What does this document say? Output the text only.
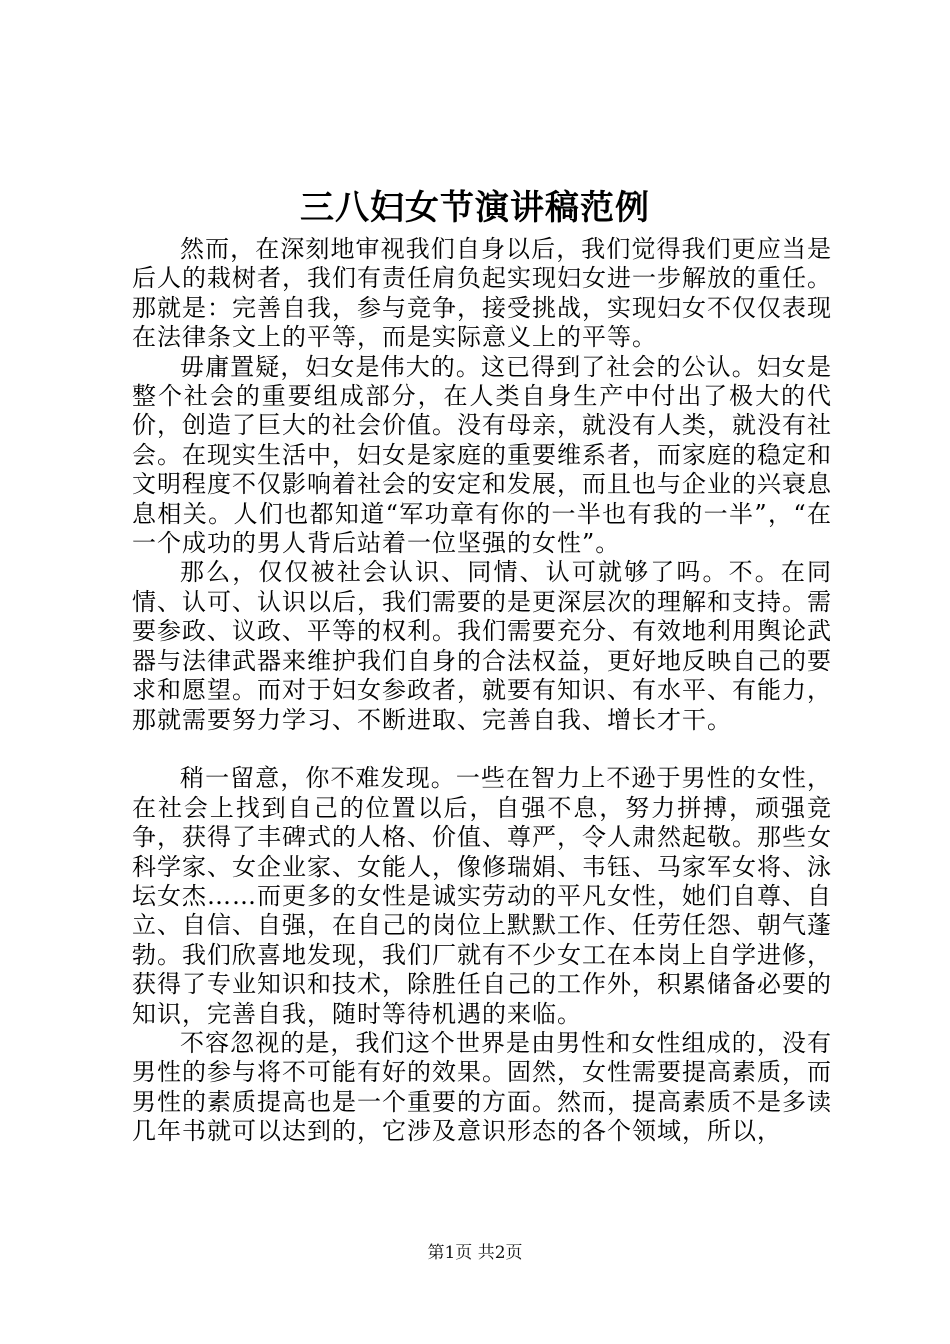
三八妇女节演讲稿范例

然而，在深刻地审视我们自身以后，我们觉得我们更应当是后人的栽树者，我们有责任肩负起实现妇女进一步解放的重任。那就是：完善自我，参与竞争，接受挑战，实现妇女不仅仅表现在法律条文上的平等，而是实际意义上的平等。

毋庸置疑，妇女是伟大的。这已得到了社会的公认。妇女是整个社会的重要组成部分，在人类自身生产中付出了极大的代价，创造了巨大的社会价值。没有母亲，就没有人类，就没有社会。在现实生活中，妇女是家庭的重要维系者，而家庭的稳定和文明程度不仅影响着社会的安定和发展，而且也与企业的兴衰息息相关。人们也都知道“军功章有你的一半也有我的一半”，“在一个成功的男人背后站着一位坚强的女性”。

那么，仅仅被社会认识、同情、认可就够了吗。不。在同情、认可、认识以后，我们需要的是更深层次的理解和支持。需要参政、议政、平等的权利。我们需要充分、有效地利用舆论武器与法律武器来维护我们自身的合法权益，更好地反映自己的要求和愿望。而对于妇女参政者，就要有知识、有水平、有能力，那就需要努力学习、不断进取、完善自我、增长才干。

稍一留意，你不难发现。一些在智力上不逊于男性的女性，在社会上找到自己的位置以后，自强不息，努力拼搏，顽强竞争，获得了丰碑式的人格、价值、尊严，令人肃然起敬。那些女科学家、女企业家、女能人，像修瑞娟、韦钰、马家军女将、泳坛女杰……而更多的女性是诚实劳动的平凡女性，她们自尊、自立、自信、自强，在自己的岗位上默默工作、任劳任怨、朝气蓬勃。我们欣喜地发现，我们厂就有不少女工在本岗上自学进修，获得了专业知识和技术，除胜任自己的工作外，积累储备必要的知识，完善自我，随时等待机遇的来临。

不容忽视的是，我们这个世界是由男性和女性组成的，没有男性的参与将不可能有好的效果。固然，女性需要提高素质，而男性的素质提高也是一个重要的方面。然而，提高素质不是多读几年书就可以达到的，它涉及意识形态的各个领域，所以，

第1页 共2页
